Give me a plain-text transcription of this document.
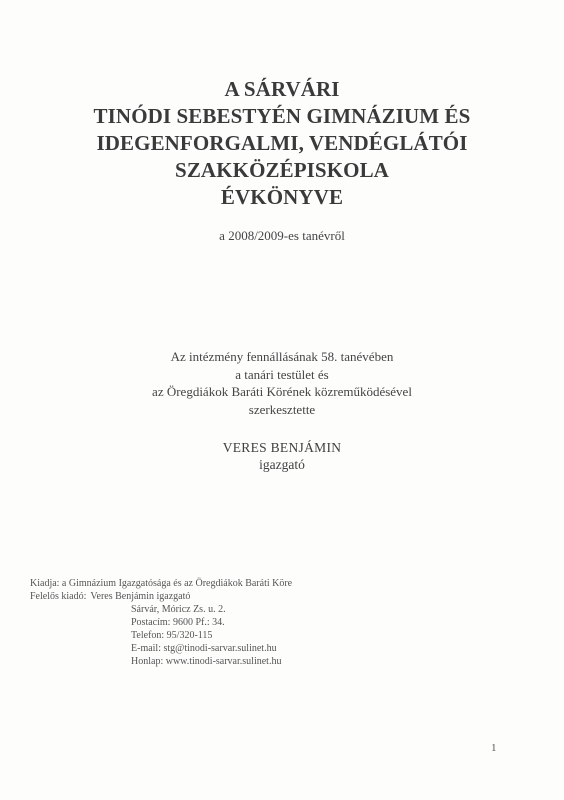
A SÁRVÁRI
TINÓDI SEBESTYÉN GIMNÁZIUM ÉS
IDEGENFORGALMI, VENDÉGLÁTÓI
SZAKKÖZÉPISKOLA
ÉVKÖNYVE
a 2008/2009-es tanévről
Az intézmény fennállásának 58. tanévében
a tanári testület és
az Öregdiákok Baráti Körének közreműködésével
szerkesztette
VERES BENJÁMIN
igazgató
Kiadja: a Gimnázium Igazgatósága és az Öregdiákok Baráti Köre
Felelős kiadó: Veres Benjámin igazgató
Sárvár, Móricz Zs. u. 2.
Postacím: 9600 Pf.: 34.
Telefon: 95/320-115
E-mail: stg@tinodi-sarvar.sulinet.hu
Honlap: www.tinodi-sarvar.sulinet.hu
1
